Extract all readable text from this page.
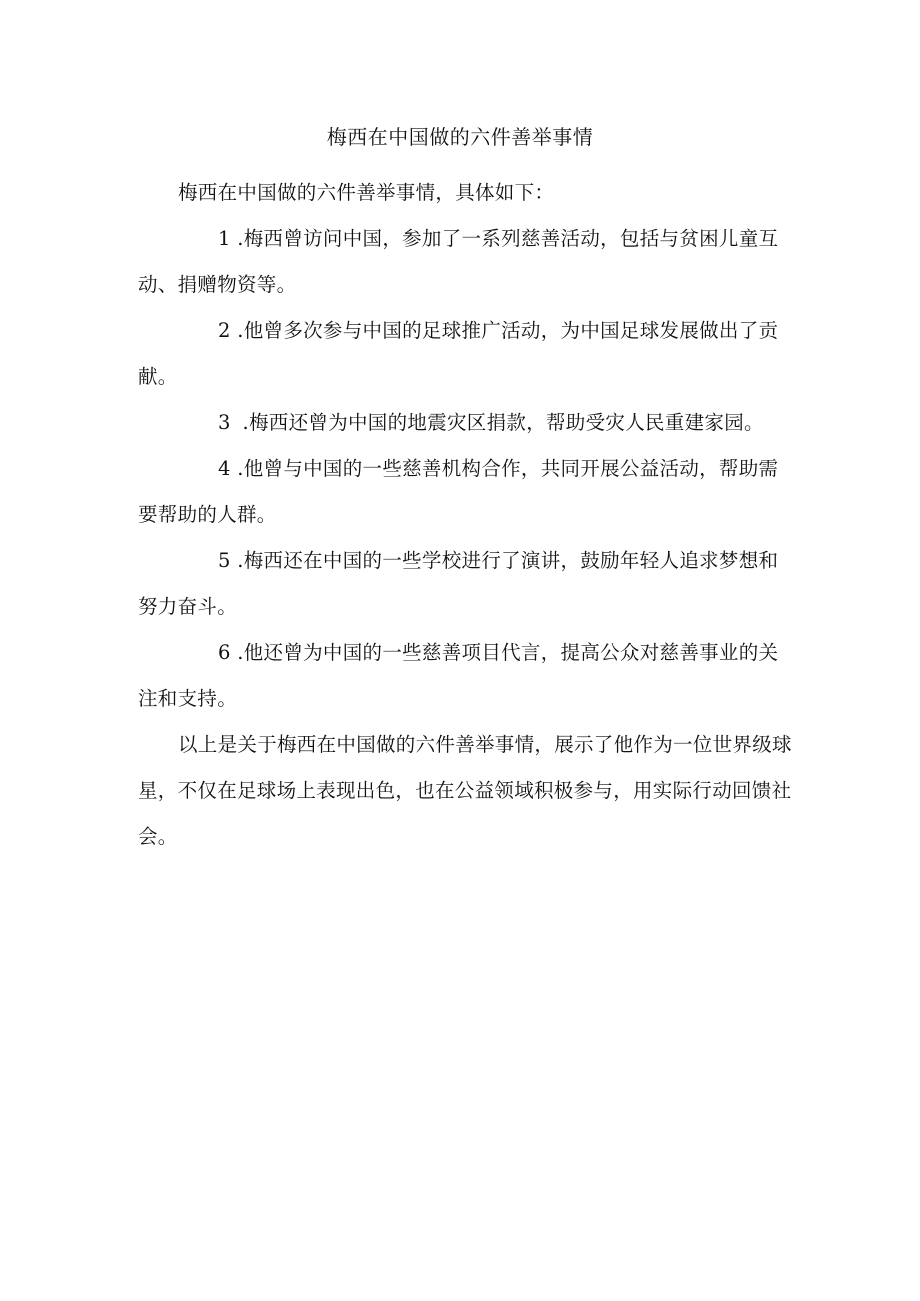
梅西在中国做的六件善举事情

梅西在中国做的六件善举事情，具体如下：

1 .梅西曾访问中国，参加了一系列慈善活动，包括与贫困儿童互动、捐赠物资等。

2 .他曾多次参与中国的足球推广活动，为中国足球发展做出了贡献。

3 .梅西还曾为中国的地震灾区捐款，帮助受灾人民重建家园。

4 .他曾与中国的一些慈善机构合作，共同开展公益活动，帮助需要帮助的人群。

5 .梅西还在中国的一些学校进行了演讲，鼓励年轻人追求梦想和努力奋斗。

6 .他还曾为中国的一些慈善项目代言，提高公众对慈善事业的关注和支持。

以上是关于梅西在中国做的六件善举事情，展示了他作为一位世界级球星，不仅在足球场上表现出色，也在公益领域积极参与，用实际行动回馈社会。
